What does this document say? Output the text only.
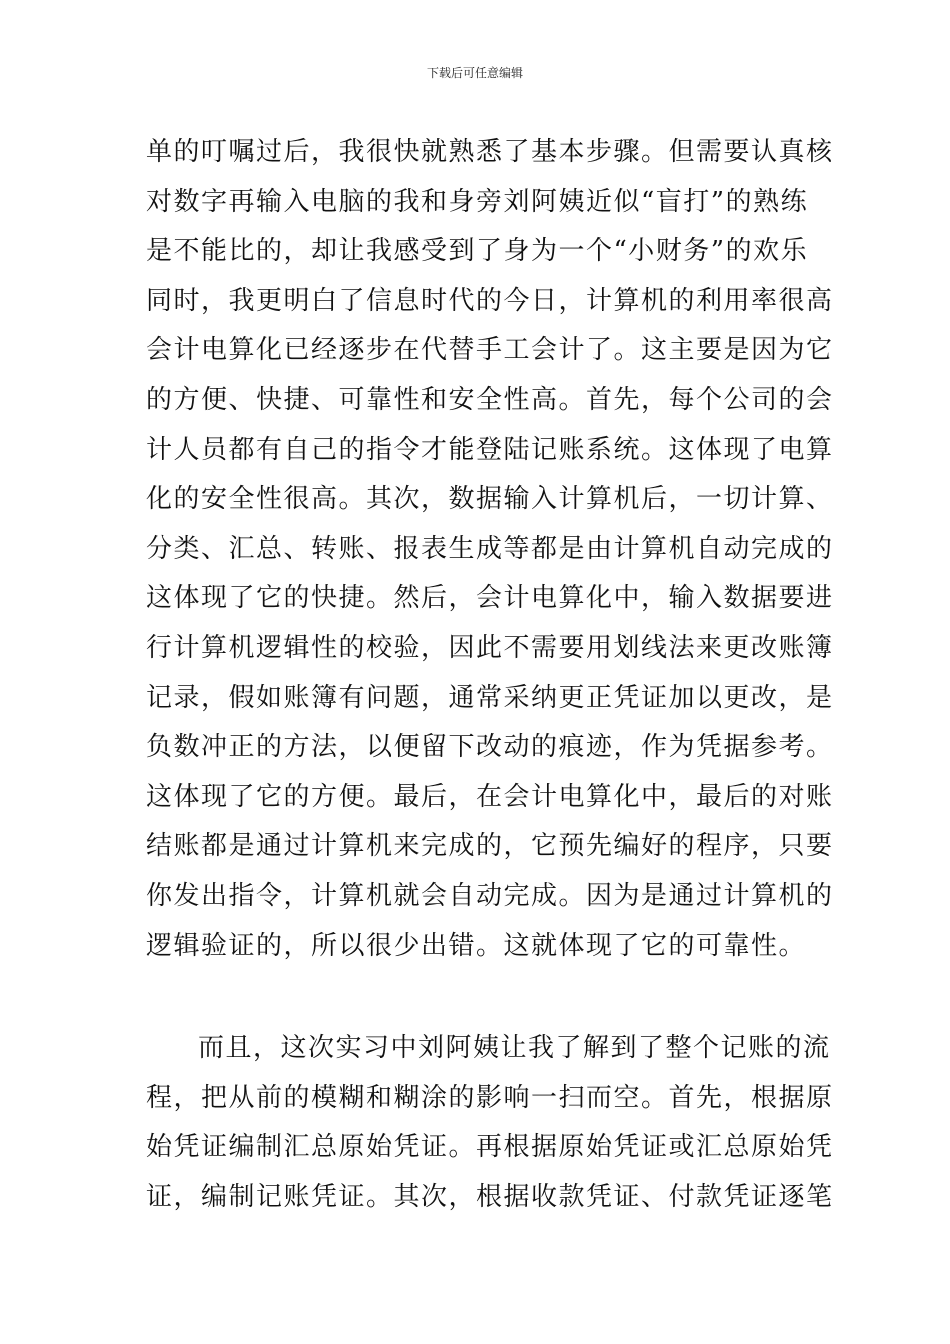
下载后可任意编辑
单的叮嘱过后，我很快就熟悉了基本步骤。但需要认真核
对数字再输入电脑的我和身旁刘阿姨近似“盲打”的熟练
是不能比的，却让我感受到了身为一个“小财务”的欢乐
同时，我更明白了信息时代的今日，计算机的利用率很高
会计电算化已经逐步在代替手工会计了。这主要是因为它
的方便、快捷、可靠性和安全性高。首先，每个公司的会
计人员都有自己的指令才能登陆记账系统。这体现了电算
化的安全性很高。其次，数据输入计算机后，一切计算、
分类、汇总、转账、报表生成等都是由计算机自动完成的
这体现了它的快捷。然后，会计电算化中，输入数据要进
行计算机逻辑性的校验，因此不需要用划线法来更改账簿
记录，假如账簿有问题，通常采纳更正凭证加以更改，是
负数冲正的方法，以便留下改动的痕迹，作为凭据参考。
这体现了它的方便。最后，在会计电算化中，最后的对账
结账都是通过计算机来完成的，它预先编好的程序，只要
你发出指令，计算机就会自动完成。因为是通过计算机的
逻辑验证的，所以很少出错。这就体现了它的可靠性。
而且，这次实习中刘阿姨让我了解到了整个记账的流
程，把从前的模糊和糊涂的影响一扫而空。首先，根据原
始凭证编制汇总原始凭证。再根据原始凭证或汇总原始凭
证，编制记账凭证。其次，根据收款凭证、付款凭证逐笔
